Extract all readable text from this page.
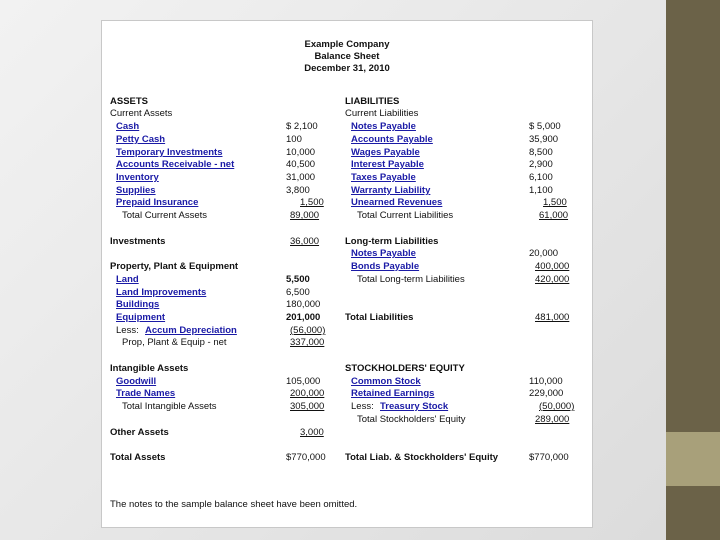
Example Company
Balance Sheet
December 31, 2010
ASSETS
Current Assets
Cash	$ 2,100
Petty Cash	100
Temporary Investments	10,000
Accounts Receivable - net	40,500
Inventory	31,000
Supplies	3,800
Prepaid Insurance	1,500
Total Current Assets	89,000
Investments	36,000
Property, Plant & Equipment
Land	5,500
Land Improvements	6,500
Buildings	180,000
Equipment	201,000
Less: Accum Depreciation	(56,000)
Prop, Plant & Equip - net	337,000
Intangible Assets
Goodwill	105,000
Trade Names	200,000
Total Intangible Assets	305,000
Other Assets	3,000
Total Assets	$770,000
LIABILITIES
Current Liabilities
Notes Payable	$ 5,000
Accounts Payable	35,900
Wages Payable	8,500
Interest Payable	2,900
Taxes Payable	6,100
Warranty Liability	1,100
Unearned Revenues	1,500
Total Current Liabilities	61,000
Long-term Liabilities
Notes Payable	20,000
Bonds Payable	400,000
Total Long-term Liabilities	420,000
Total Liabilities	481,000
STOCKHOLDERS' EQUITY
Common Stock	110,000
Retained Earnings	229,000
Less: Treasury Stock	(50,000)
Total Stockholders' Equity	289,000
Total Liab. & Stockholders' Equity	$770,000
The notes to the sample balance sheet have been omitted.
